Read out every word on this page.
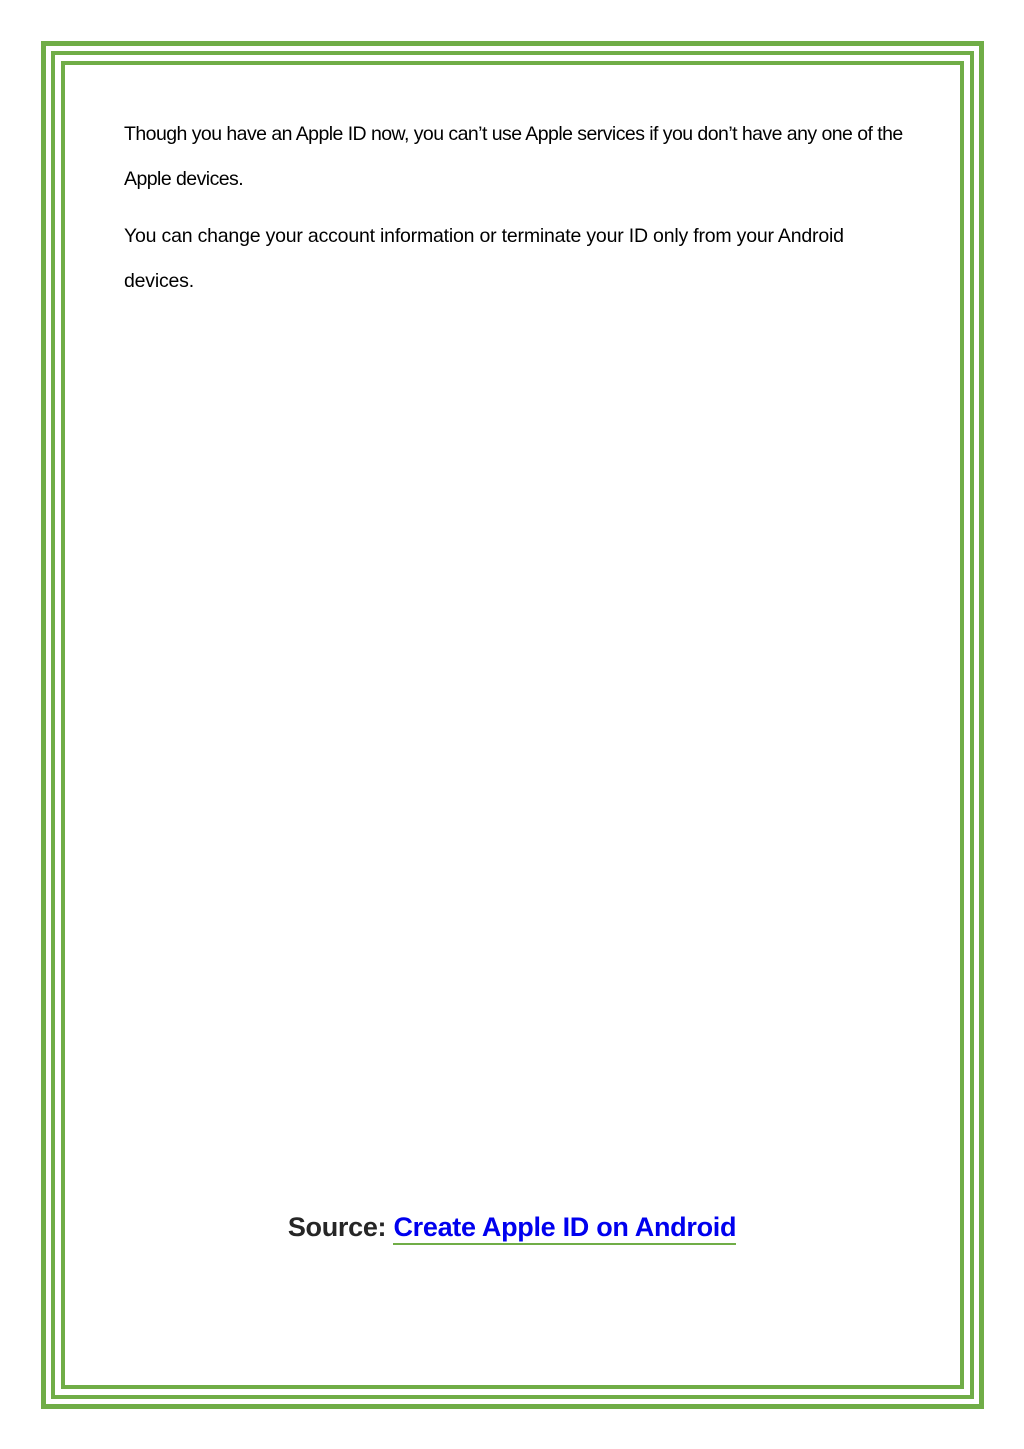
Though you have an Apple ID now, you can’t use Apple services if you don’t have any one of the Apple devices.

You can change your account information or terminate your ID only from your Android devices.

Source: Create Apple ID on Android
